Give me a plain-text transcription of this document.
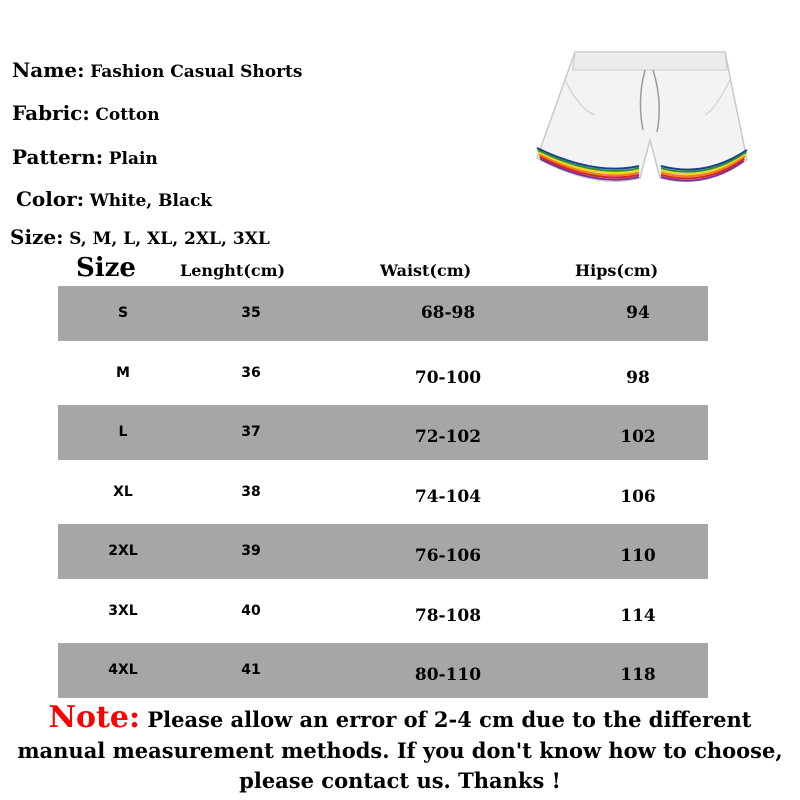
Name: Fashion Casual Shorts

Fabric: Cotton

Pattern: Plain

Color: White, Black

Size: S, M, L, XL, 2XL, 3XL

Size	Lenght(cm)	Waist(cm)	Hips(cm)
S	35	68-98	94
M	36	70-100	98
L	37	72-102	102
XL	38	74-104	106
2XL	39	76-106	110
3XL	40	78-108	114
4XL	41	80-110	118

Note: Please allow an error of 2-4 cm due to the different

manual measurement methods. If you don't know how to choose,

please contact us. Thanks !
